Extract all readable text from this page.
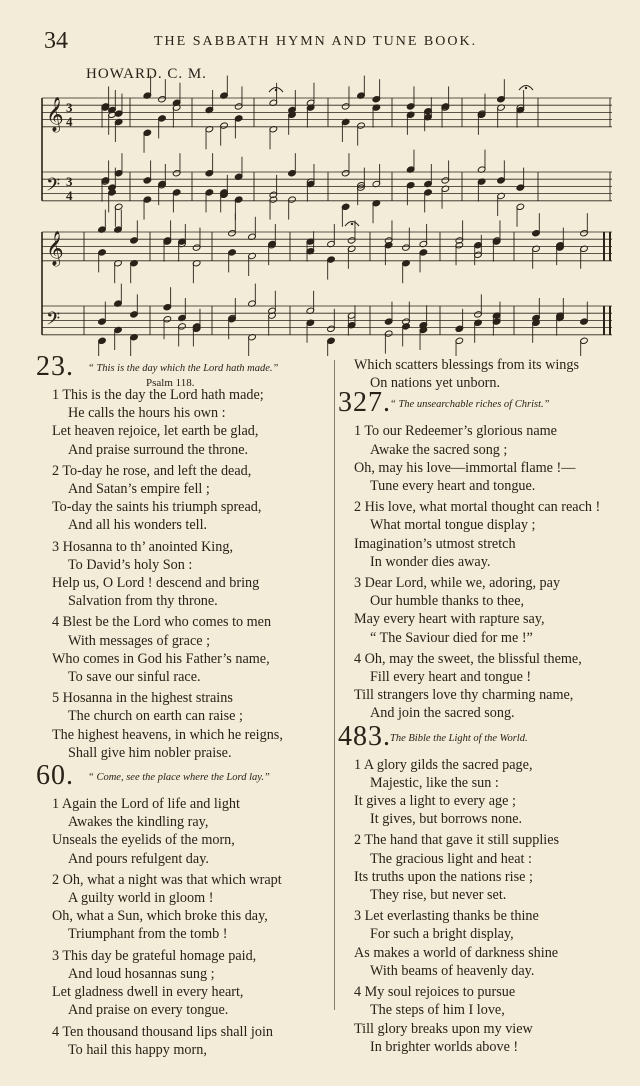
34	THE SABBATH HYMN AND TUNE BOOK.
HOWARD. C. M.
𝄞 3
4
𝄢 3
4
𝄞
𝄢
23. “ This is the day which the Lord hath made.”
Psalm 118.
1 This is the day the Lord hath made;
He calls the hours his own :
Let heaven rejoice, let earth be glad,
And praise surround the throne.
2 To-day he rose, and left the dead,
And Satan’s empire fell ;
To-day the saints his triumph spread,
And all his wonders tell.
3 Hosanna to th’ anointed King,
To David’s holy Son :
Help us, O Lord ! descend and bring
Salvation from thy throne.
4 Blest be the Lord who comes to men
With messages of grace ;
Who comes in God his Father’s name,
To save our sinful race.
5 Hosanna in the highest strains
The church on earth can raise ;
The highest heavens, in which he reigns,
Shall give him nobler praise.
60. “ Come, see the place where the Lord lay.”
1 Again the Lord of life and light
Awakes the kindling ray,
Unseals the eyelids of the morn,
And pours refulgent day.
2 Oh, what a night was that which wrapt
A guilty world in gloom !
Oh, what a Sun, which broke this day,
Triumphant from the tomb !
3 This day be grateful homage paid,
And loud hosannas sung ;
Let gladness dwell in every heart,
And praise on every tongue.
4 Ten thousand thousand lips shall join
To hail this happy morn,
Which scatters blessings from its wings
On nations yet unborn.
327. “ The unsearchable riches of Christ.”
1 To our Redeemer’s glorious name
Awake the sacred song ;
Oh, may his love—immortal flame !—
Tune every heart and tongue.
2 His love, what mortal thought can reach !
What mortal tongue display ;
Imagination’s utmost stretch
In wonder dies away.
3 Dear Lord, while we, adoring, pay
Our humble thanks to thee,
May every heart with rapture say,
“ The Saviour died for me !”
4 Oh, may the sweet, the blissful theme,
Fill every heart and tongue !
Till strangers love thy charming name,
And join the sacred song.
483. The Bible the Light of the World.
1 A glory gilds the sacred page,
Majestic, like the sun :
It gives a light to every age ;
It gives, but borrows none.
2 The hand that gave it still supplies
The gracious light and heat :
Its truths upon the nations rise ;
They rise, but never set.
3 Let everlasting thanks be thine
For such a bright display,
As makes a world of darkness shine
With beams of heavenly day.
4 My soul rejoices to pursue
The steps of him I love,
Till glory breaks upon my view
In brighter worlds above !
